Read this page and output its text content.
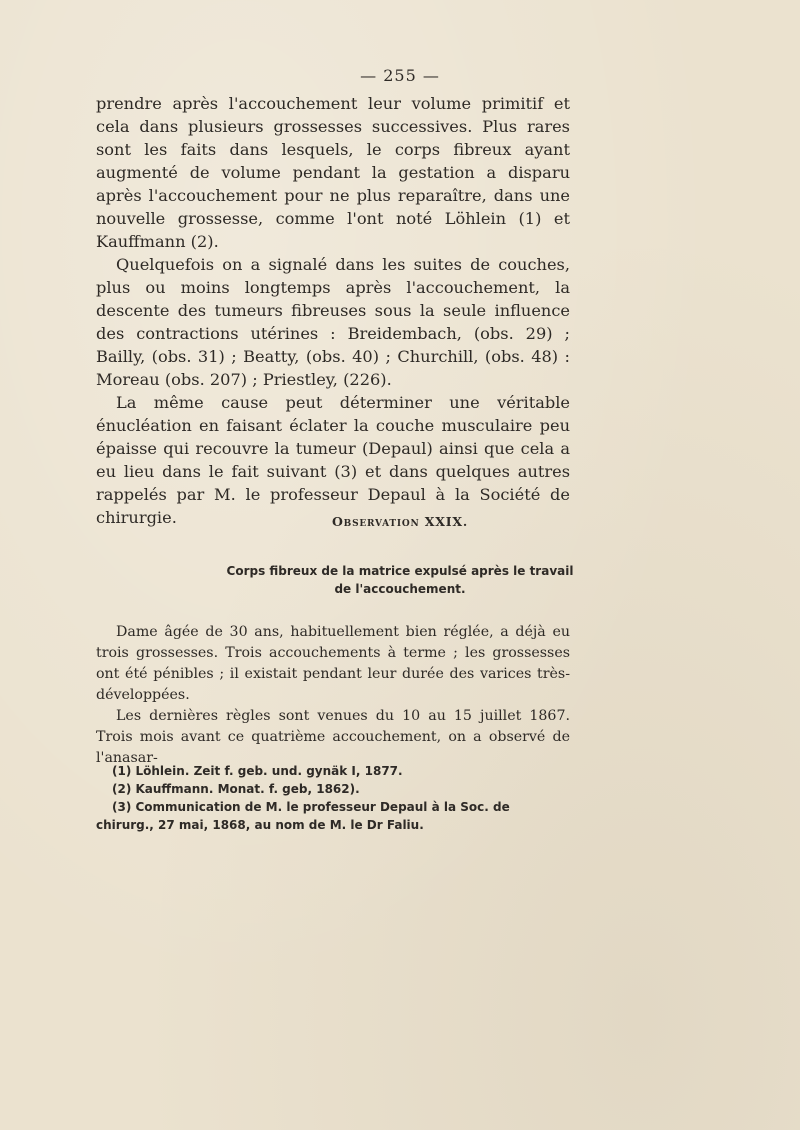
— 255 —

prendre après l'accouchement leur volume primitif et cela dans plusieurs grossesses successives. Plus rares sont les faits dans lesquels, le corps fibreux ayant augmenté de volume pendant la gestation a disparu après l'accouchement pour ne plus reparaître, dans une nouvelle grossesse, comme l'ont noté Löhlein (1) et Kauffmann (2).

Quelquefois on a signalé dans les suites de couches, plus ou moins longtemps après l'accouchement, la descente des tumeurs fibreuses sous la seule influence des contractions utérines : Breidembach, (obs. 29) ; Bailly, (obs. 31) ; Beatty, (obs. 40) ; Churchill, (obs. 48) : Moreau (obs. 207) ; Priestley, (226).

La même cause peut déterminer une véritable énucléation en faisant éclater la couche musculaire peu épaisse qui recouvre la tumeur (Depaul) ainsi que cela a eu lieu dans le fait suivant (3) et dans quelques autres rappelés par M. le professeur Depaul à la Société de chirurgie.	Observation XXIX.
Corps fibreux de la matrice expulsé après le travail
de l'accouchement.

Dame âgée de 30 ans, habituellement bien réglée, a déjà eu trois grossesses. Trois accouchements à terme ; les grossesses ont été pénibles ; il existait pendant leur durée des varices très-développées.

Les dernières règles sont venues du 10 au 15 juillet 1867. Trois mois avant ce quatrième accouchement, on a observé de l'anasar-

(1) Löhlein. Zeit f. geb. und. gynäk I, 1877.

(2) Kauffmann. Monat. f. geb, 1862).

(3) Communication de M. le professeur Depaul à la Soc. de chirurg., 27 mai, 1868, au nom de M. le Dr Faliu.
